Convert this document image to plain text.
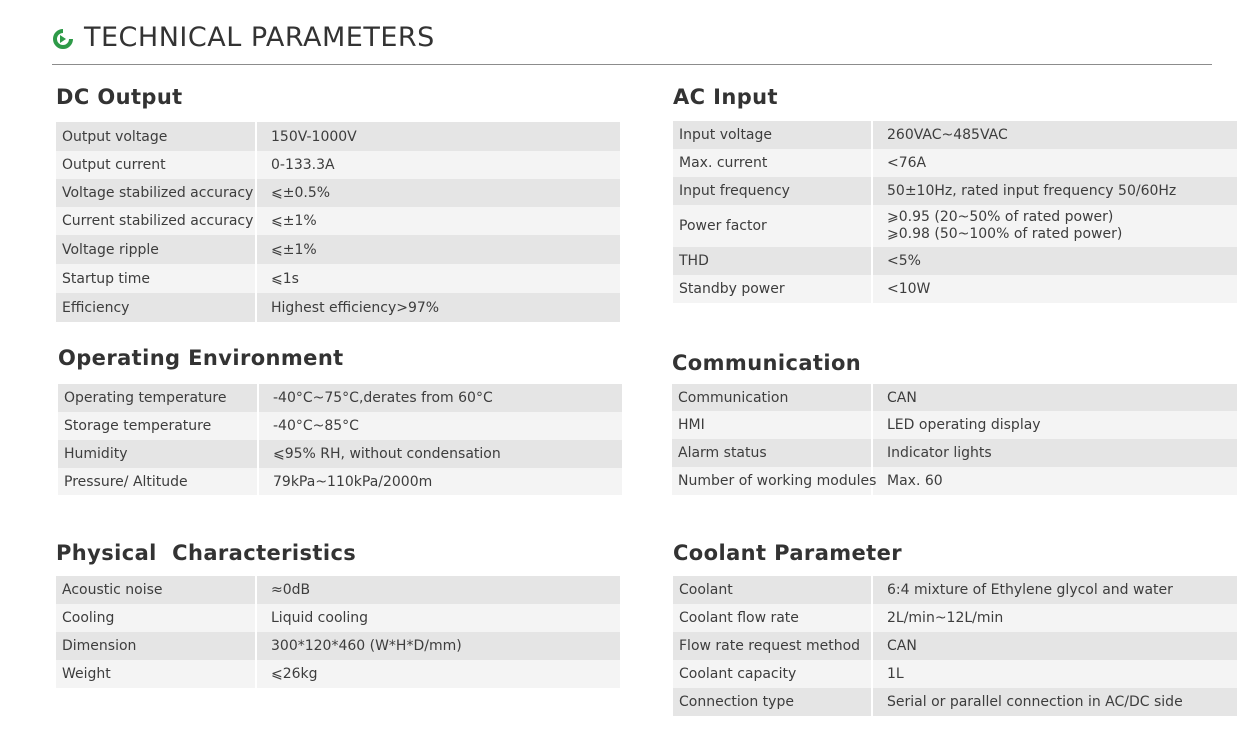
TECHNICAL PARAMETERS
DC Output
Output voltage	150V-1000V
Output current	0-133.3A
Voltage stabilized accuracy	⩽±0.5%
Current stabilized accuracy	⩽±1%
Voltage ripple	⩽±1%
Startup time	⩽1s
Efficiency	Highest efficiency>97%
AC Input
Input voltage	260VAC~485VAC
Max. current	<76A
Input frequency	50±10Hz, rated input frequency 50/60Hz
Power factor	⩾0.95 (20~50% of rated power)
⩾0.98 (50~100% of rated power)

THD	<5%
Standby power	<10W
Operating Environment
Operating temperature	-40°C~75°C,derates from 60°C
Storage temperature	-40°C~85°C
Humidity	⩽95% RH, without condensation
Pressure/ Altitude	79kPa~110kPa/2000m
Communication
Communication	CAN
HMI	LED operating display
Alarm status	Indicator lights
Number of working modules	Max. 60
Physical  Characteristics
Acoustic noise	≈0dB
Cooling	Liquid cooling
Dimension	300*120*460 (W*H*D/mm)
Weight	⩽26kg
Coolant Parameter
Coolant	6:4 mixture of Ethylene glycol and water
Coolant flow rate	2L/min~12L/min
Flow rate request method	CAN
Coolant capacity	1L
Connection type	Serial or parallel connection in AC/DC side
